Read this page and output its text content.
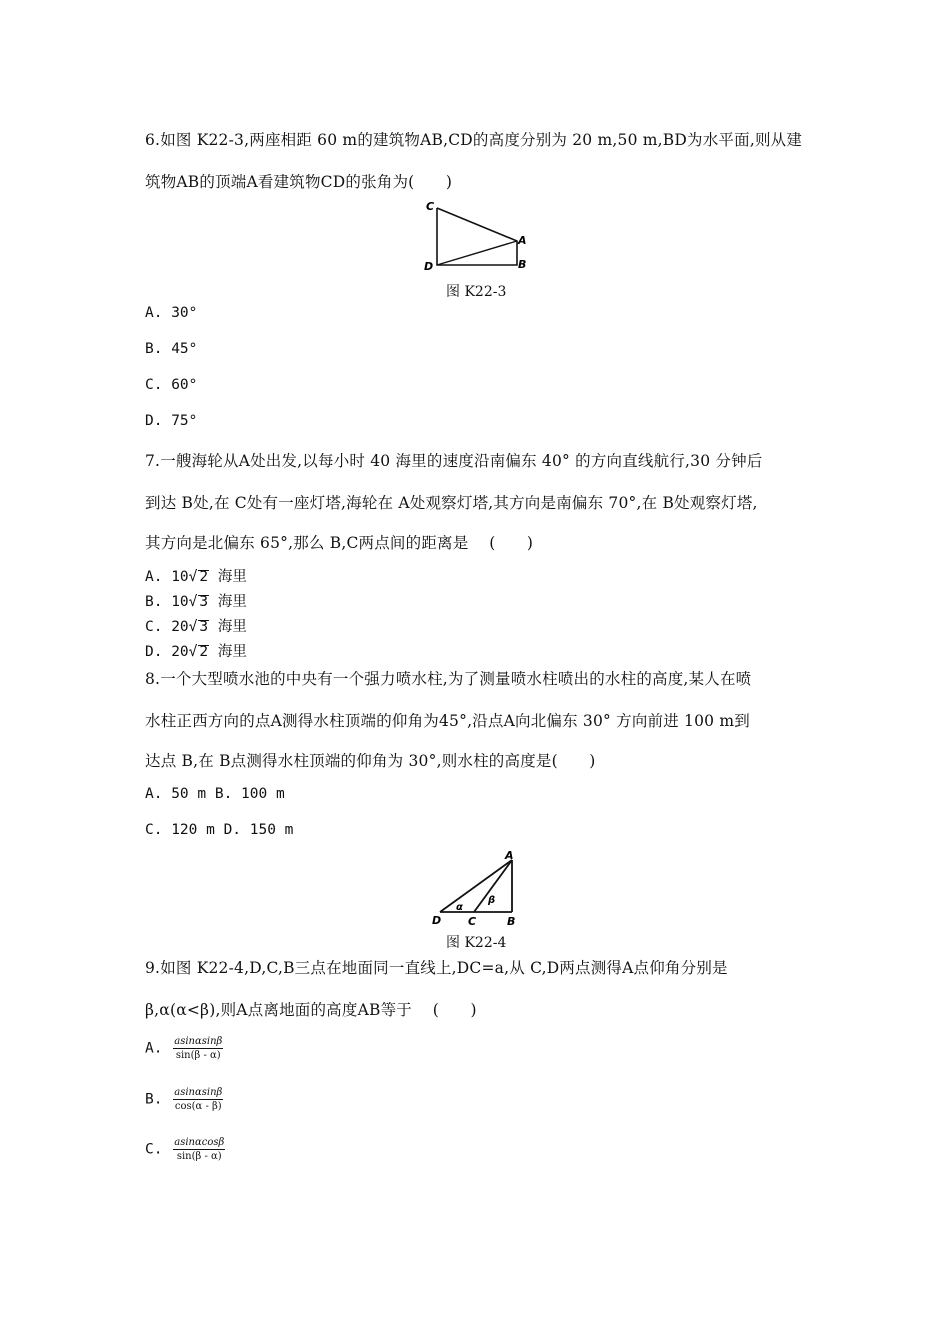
6.如图 K22-3,两座相距 60 m的建筑物AB,CD的高度分别为 20 m,50 m,BD为水平面,则从建
筑物AB的顶端A看建筑物CD的张角为(　　)
C
A
D	B
图 K22-3
A. 30°
B. 45°
C. 60°
D. 75°
7.一艘海轮从A处出发,以每小时 40 海里的速度沿南偏东 40° 的方向直线航行,30 分钟后
到达 B处,在 C处有一座灯塔,海轮在 A处观察灯塔,其方向是南偏东 70°,在 B处观察灯塔,
其方向是北偏东 65°,那么 B,C两点间的距离是　 (　　)
A. 10√ 2 海里
B. 10√ 3 海里
C. 20√ 3 海里
D. 20√ 2 海里
8.一个大型喷水池的中央有一个强力喷水柱,为了测量喷水柱喷出的水柱的高度,某人在喷
水柱正西方向的点A测得水柱顶端的仰角为45°,沿点A向北偏东 30° 方向前进 100 m到
达点 B,在 B点测得水柱顶端的仰角为 30°,则水柱的高度是(　　)
A. 50 m B. 100 m
C. 120 m D. 150 m
A
α
β
D C	B
图 K22-4
9.如图 K22-4,D,C,B三点在地面同一直线上,DC=a,从 C,D两点测得A点仰角分别是
β,α(α<β),则A点离地面的高度AB等于　 (　　)
A. $\frac{asin\alpha\sin\beta}{\sin(\beta - \alpha)}$
B. $\frac{asin\alpha\sin\beta}{\cos(\alpha - \beta)}$
C. $\frac{asin\alpha\cos\beta}{\sin(\beta - \alpha)}$
